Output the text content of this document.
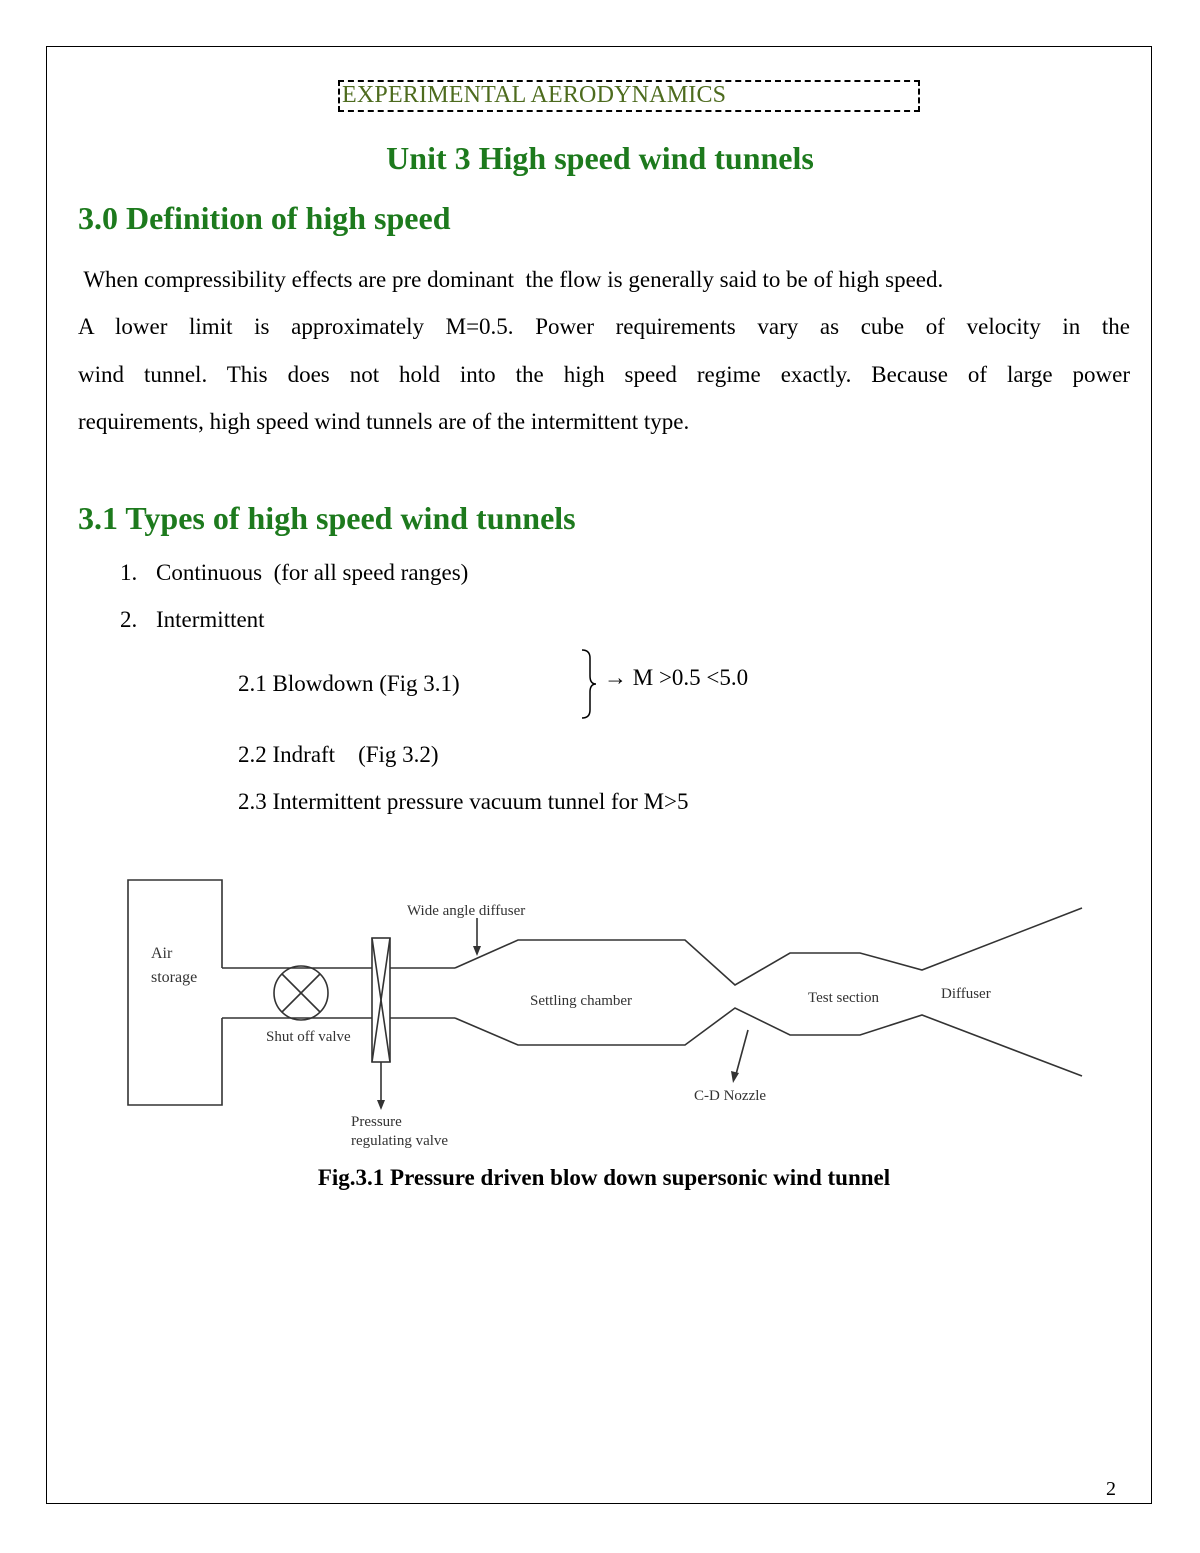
EXPERIMENTAL AERODYNAMICS
Unit 3 High speed wind tunnels
3.0 Definition of high speed
When compressibility effects are pre dominant  the flow is generally said to be of high speed.
A lower limit is approximately M=0.5. Power requirements vary as cube of velocity in the
wind tunnel. This does not hold into the high speed regime exactly. Because of large power
requirements, high speed wind tunnels are of the intermittent type.
3.1 Types of high speed wind tunnels
1. Continuous  (for all speed ranges)
2. Intermittent
2.1 Blowdown (Fig 3.1)	→ M >0.5 <5.0
2.2 Indraft    (Fig 3.2)
2.3 Intermittent pressure vacuum tunnel for M>5
Air
storage
Shut off valve
Pressure
regulating valve
Wide angle diffuser
Settling chamber	Test section	Diffuser
C-D Nozzle
Fig.3.1 Pressure driven blow down supersonic wind tunnel
2
